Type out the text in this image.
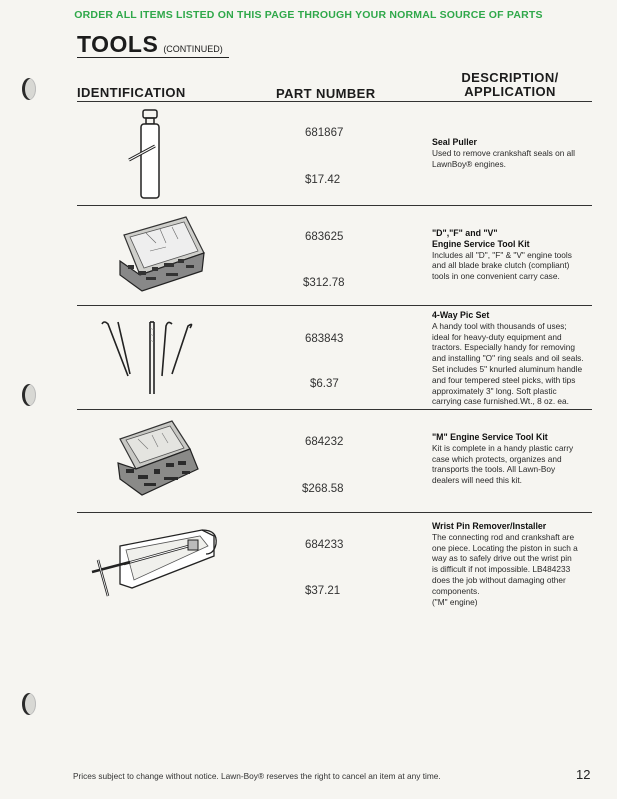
ORDER ALL ITEMS LISTED ON THIS PAGE THROUGH YOUR NORMAL SOURCE OF PARTS
TOOLS (CONTINUED)
IDENTIFICATION	PART NUMBER
DESCRIPTION/
APPLICATION
681867
$17.42
Seal Puller
Used to remove crankshaft seals on all
LawnBoy® engines.
683625
$312.78
"D","F" and "V"
Engine Service Tool Kit
Includes all "D", "F" & "V" engine tools
and all blade brake clutch (compliant)
tools in one convenient carry case.
683843
$6.37
4-Way Pic Set
A handy tool with thousands of uses;
ideal for heavy-duty equipment and
tractors. Especially handy for removing
and installing "O" ring seals and oil seals.
Set includes 5" knurled aluminum handle
and four tempered steel picks, with tips
approximately 3" long. Soft plastic
carrying case furnished.Wt., 8 oz. ea.
684232
$268.58
"M" Engine Service Tool Kit
Kit is complete in a handy plastic carry
case which protects, organizes and
transports the tools. All Lawn-Boy
dealers will need this kit.
684233
$37.21
Wrist Pin Remover/Installer
The connecting rod and crankshaft are
one piece. Locating the piston in such a
way as to safely drive out the wrist pin
is difficult if not impossible. LB484233
does the job without damaging other
components.
("M" engine)
Prices subject to change without notice. Lawn-Boy® reserves the right to cancel an item at any time.	12
